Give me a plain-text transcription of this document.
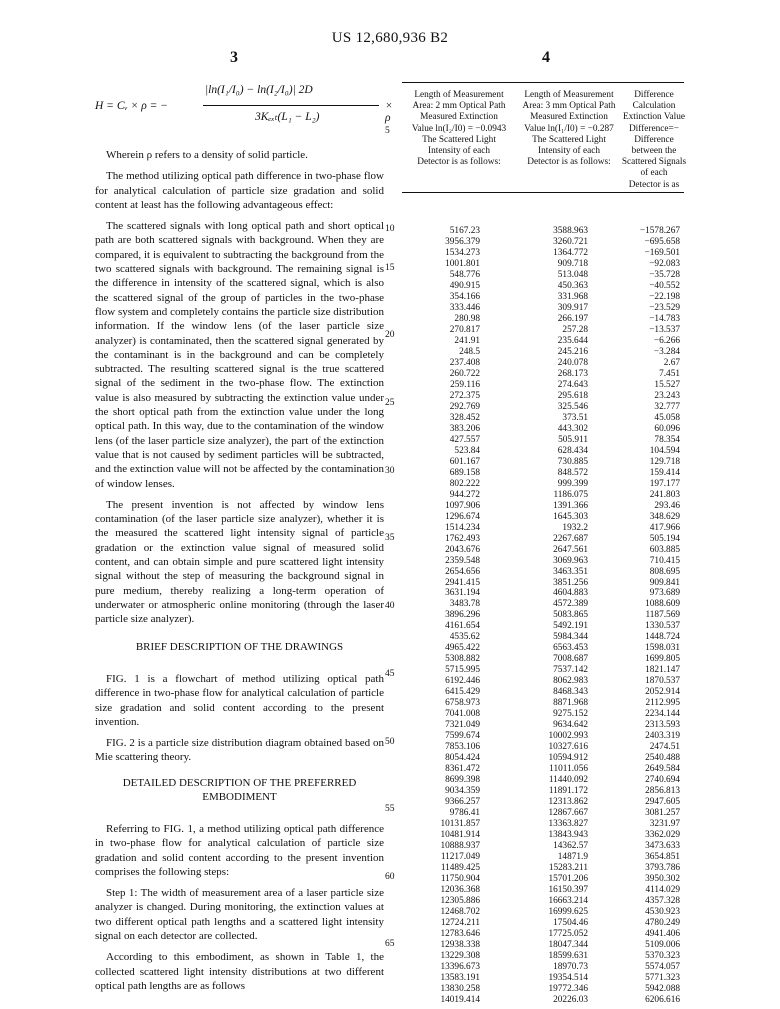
US 12,680,936 B2
3	4
H = Cᵥ × ρ = −
|ln(I₁/I₀) − ln(I₂/I₀)| 2D
3Kₑₓₜ(L₁ − L₂)
× ρ

Wherein ρ refers to a density of solid particle.

The method utilizing optical path difference in two-phase flow for analytical calculation of particle size gradation and solid content at least has the following advantageous effect:

The scattered signals with long optical path and short optical path are both scattered signals with background. When they are compared, it is equivalent to subtracting the background from the two scattered signals with background. The remaining signal is the difference in intensity of the scattered signal, which is also the scattered signal of the group of particles in the two-phase flow system and completely contains the particle size distribution information. If the window lens (of the laser particle size analyzer) is contaminated, then the scattered signal generated by the contaminant is in the background and can be completely subtracted. The resulting scattered signal is the true scattered signal of the sediment in the two-phase flow. The extinction value is also measured by subtracting the extinction value under the short optical path from the extinction value under the long optical path. In this way, due to the contamination of the window lens (of the laser particle size analyzer), the part of the extinction value that is not caused by sediment particles will be subtracted, and the extinction value will not be affected by the contamination of window lenses.

The present invention is not affected by window lens contamination (of the laser particle size analyzer), whether it is the measured the scattered light intensity signal of particle gradation or the extinction value signal of measured solid content, and can obtain simple and pure scattered light intensity signal without the step of measuring the background signal in pure medium, thereby realizing a long-term operation of underwater or atmospheric online monitoring (through the laser particle size analyzer).

BRIEF DESCRIPTION OF THE DRAWINGS

FIG. 1 is a flowchart of method utilizing optical path difference in two-phase flow for analytical calculation of particle size gradation and solid content according to the present invention.

FIG. 2 is a particle size distribution diagram obtained based on Mie scattering theory.

DETAILED DESCRIPTION OF THE PREFERRED EMBODIMENT

Referring to FIG. 1, a method utilizing optical path difference in two-phase flow for analytical calculation of particle size gradation and solid content according to the present invention comprises the following steps:

Step 1: The width of measurement area of a laser particle size analyzer is changed. During monitoring, the extinction values at two different optical path lengths and a scattered light intensity signal on each detector are collected.

According to this embodiment, as shown in Table 1, the collected scattered light intensity distributions at two different optical path lengths are as follows

5
10
15
20
25
30
35
40
45
50
55
60
65
Length of Measurement
Area: 2 mm Optical Path
Measured Extinction
Value ln(I₂/I0) = −0.0943
The Scattered Light
Intensity of each
Detector is as follows:
Length of Measurement
Area: 3 mm Optical Path
Measured Extinction
Value ln(I₁/I0) = −0.287
The Scattered Light
Intensity of each
Detector is as follows:
Difference
Calculation
Extinction Value
Difference=−
Difference
between the
Scattered Signals
of each
Detector is as
5167.23
3956.379
1534.273
1001.801
548.776
490.915
354.166
333.446
280.98
270.817
241.91
248.5
237.408
260.722
259.116
272.375
292.769
328.452
383.206
427.557
523.84
601.167
689.158
802.222
944.272
1097.906
1296.674
1514.234
1762.493
2043.676
2359.548
2654.656
2941.415
3631.194
3483.78
3896.296
4161.654
4535.62
4965.422
5308.882
5715.995
6192.446
6415.429
6758.973
7041.008
7321.049
7599.674
7853.106
8054.424
8361.472
8699.398
9034.359
9366.257
9786.41
10131.857
10481.914
10888.937
11217.049
11489.425
11750.904
12036.368
12305.886
12468.702
12724.211
12783.646
12938.338
13229.308
13396.673
13583.191
13830.258
14019.414
3588.963
3260.721
1364.772
909.718
513.048
450.363
331.968
309.917
266.197
257.28
235.644
245.216
240.078
268.173
274.643
295.618
325.546
373.51
443.302
505.911
628.434
730.885
848.572
999.399
1186.075
1391.366
1645.303
1932.2
2267.687
2647.561
3069.963
3463.351
3851.256
4604.883
4572.389
5083.865
5492.191
5984.344
6563.453
7008.687
7537.142
8062.983
8468.343
8871.968
9275.152
9634.642
10002.993
10327.616
10594.912
11011.056
11440.092
11891.172
12313.862
12867.667
13363.827
13843.943
14362.57
14871.9
15283.211
15701.206
16150.397
16663.214
16999.625
17504.46
17725.052
18047.344
18599.631
18970.73
19354.514
19772.346
20226.03
−1578.267
−695.658
−169.501
−92.083
−35.728
−40.552
−22.198
−23.529
−14.783
−13.537
−6.266
−3.284
2.67
7.451
15.527
23.243
32.777
45.058
60.096
78.354
104.594
129.718
159.414
197.177
241.803
293.46
348.629
417.966
505.194
603.885
710.415
808.695
909.841
973.689
1088.609
1187.569
1330.537
1448.724
1598.031
1699.805
1821.147
1870.537
2052.914
2112.995
2234.144
2313.593
2403.319
2474.51
2540.488
2649.584
2740.694
2856.813
2947.605
3081.257
3231.97
3362.029
3473.633
3654.851
3793.786
3950.302
4114.029
4357.328
4530.923
4780.249
4941.406
5109.006
5370.323
5574.057
5771.323
5942.088
6206.616
